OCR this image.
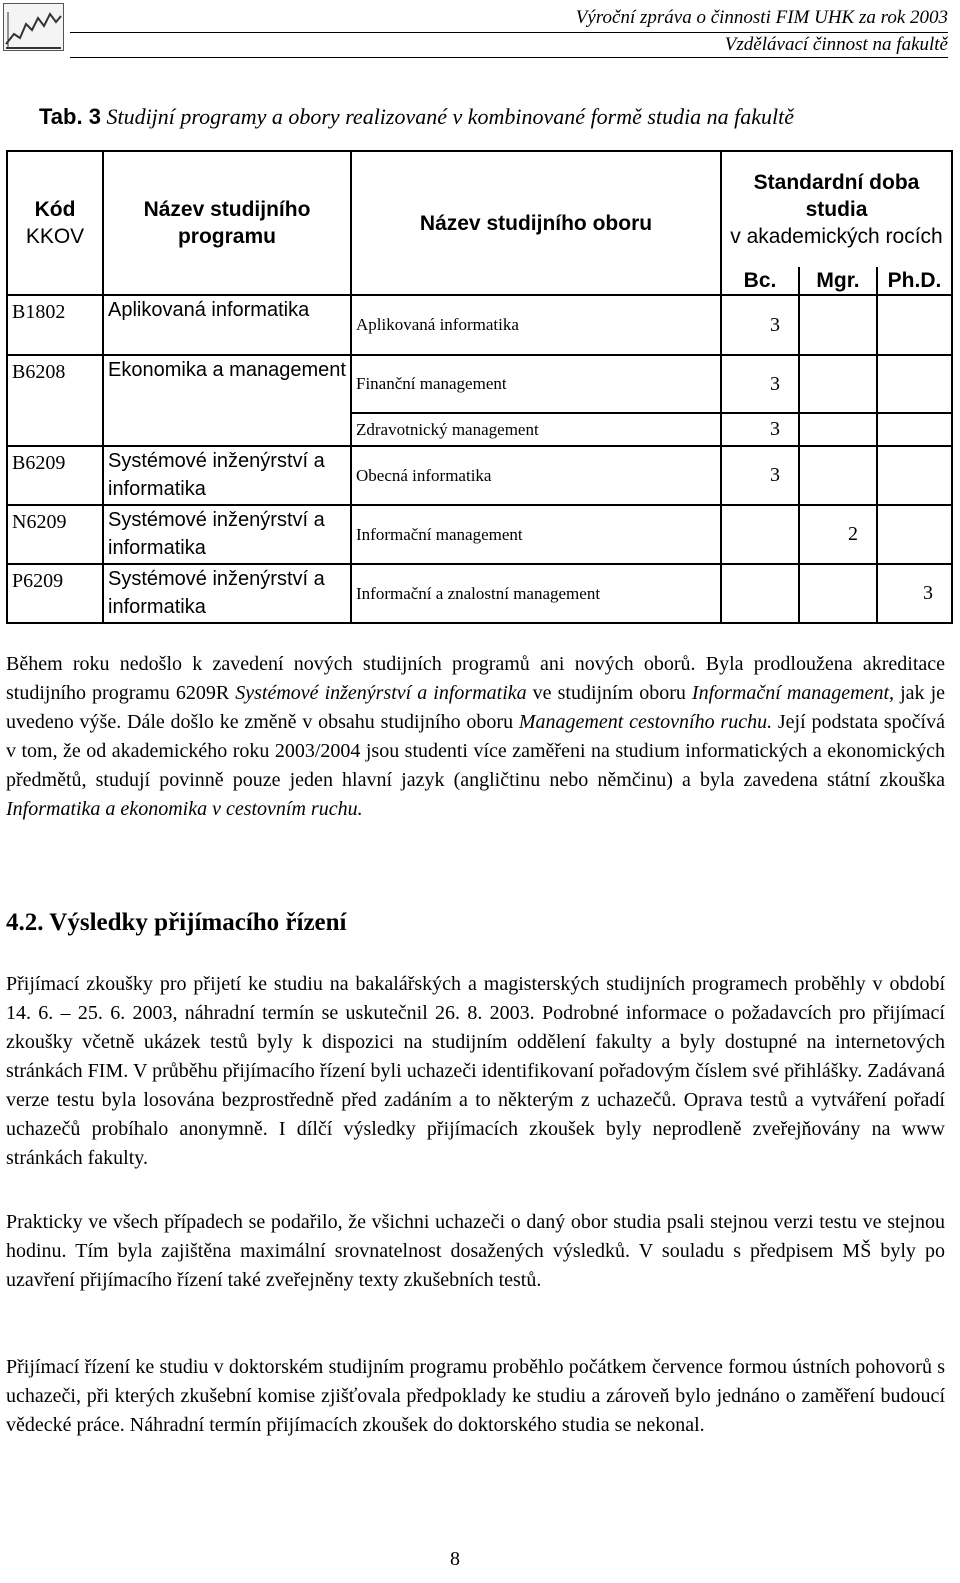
Výroční zpráva o činnosti FIM UHK za rok 2003
Vzdělávací činnost na fakultě
Tab. 3 Studijní programy a obory realizované v kombinované formě studia na fakultě
Kód
KKOV	Název studijního programu	Název studijního oboru	Standardní doba studia
v akademických rocích		
			Bc.	Mgr.	Ph.D.
B1802	Aplikovaná informatika	Aplikovaná informatika	3		
B6208	Ekonomika a management	Finanční management	3		
		Zdravotnický management	3		
B6209	Systémové inženýrství a informatika	Obecná informatika	3		
N6209	Systémové inženýrství a informatika	Informační management		2	
P6209	Systémové inženýrství a informatika	Informační a znalostní management			3
Během roku nedošlo k zavedení nových studijních programů ani nových oborů. Byla prodloužena akreditace studijního programu 6209R Systémové inženýrství a informatika ve studijním oboru Informační management, jak je uvedeno výše. Dále došlo ke změně v obsahu studijního oboru Management cestovního ruchu. Její podstata spočívá v tom, že od akademického roku 2003/2004 jsou studenti více zaměřeni na studium informatických a ekonomických předmětů, studují povinně pouze jeden hlavní jazyk (angličtinu nebo němčinu) a byla zavedena státní zkouška Informatika a ekonomika v cestovním ruchu.
4.2. Výsledky přijímacího řízení
Přijímací zkoušky pro přijetí ke studiu na bakalářských a magisterských studijních programech proběhly v období 14. 6. – 25. 6. 2003, náhradní termín se uskutečnil 26. 8. 2003. Podrobné informace o požadavcích pro přijímací zkoušky včetně ukázek testů byly k dispozici na studijním oddělení fakulty a byly dostupné na internetových stránkách FIM. V průběhu přijímacího řízení byli uchazeči identifikovaní pořadovým číslem své přihlášky. Zadávaná verze testu byla losována bezprostředně před zadáním a to některým z uchazečů. Oprava testů a vytváření pořadí uchazečů probíhalo anonymně. I dílčí výsledky přijímacích zkoušek byly neprodleně zveřejňovány na www stránkách fakulty.
Prakticky ve všech případech se podařilo, že všichni uchazeči o daný obor studia psali stejnou verzi testu ve stejnou hodinu. Tím byla zajištěna maximální srovnatelnost dosažených výsledků. V souladu s předpisem MŠ byly po uzavření přijímacího řízení také zveřejněny texty zkušebních testů.
Přijímací řízení ke studiu v doktorském studijním programu proběhlo počátkem července formou ústních pohovorů s uchazeči, při kterých zkušební komise zjišťovala předpoklady ke studiu a zároveň bylo jednáno o zaměření budoucí vědecké práce. Náhradní termín přijímacích zkoušek do doktorského studia se nekonal.
8
